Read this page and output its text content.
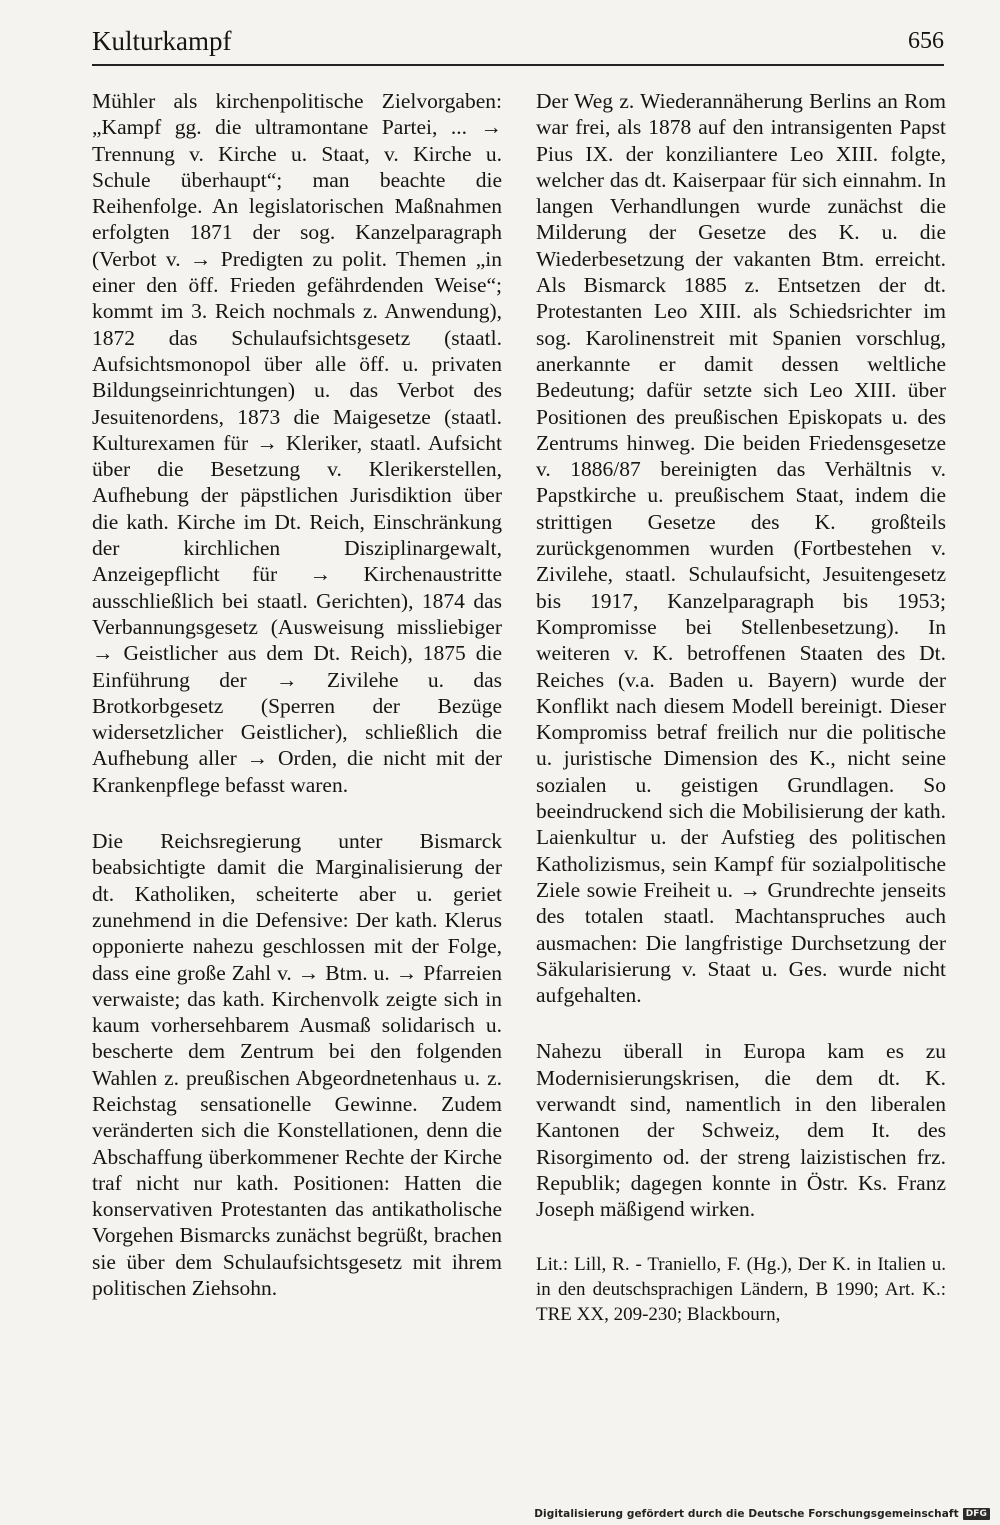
Kulturkampf	656

Mühler als kirchenpolitische Zielvorgaben: „Kampf gg. die ultramontane Partei, ... → Trennung v. Kirche u. Staat, v. Kirche u. Schule überhaupt“; man beachte die Reihenfolge. An legislatorischen Maßnahmen erfolgten 1871 der sog. Kanzelparagraph (Verbot v. → Predigten zu polit. Themen „in einer den öff. Frieden gefährdenden Weise“; kommt im 3. Reich nochmals z. Anwendung), 1872 das Schulaufsichtsgesetz (staatl. Aufsichtsmonopol über alle öff. u. privaten Bildungseinrichtungen) u. das Verbot des Jesuitenordens, 1873 die Maigesetze (staatl. Kulturexamen für → Kleriker, staatl. Aufsicht über die Besetzung v. Klerikerstellen, Aufhebung der päpstlichen Jurisdiktion über die kath. Kirche im Dt. Reich, Einschränkung der kirchlichen Disziplinargewalt, Anzeigepflicht für → Kirchenaustritte ausschließlich bei staatl. Gerichten), 1874 das Verbannungsgesetz (Ausweisung missliebiger → Geistlicher aus dem Dt. Reich), 1875 die Einführung der → Zivilehe u. das Brotkorbgesetz (Sperren der Bezüge widersetzlicher Geistlicher), schließlich die Aufhebung aller → Orden, die nicht mit der Krankenpflege befasst waren.

Die Reichsregierung unter Bismarck beabsichtigte damit die Marginalisierung der dt. Katholiken, scheiterte aber u. geriet zunehmend in die Defensive: Der kath. Klerus opponierte nahezu geschlossen mit der Folge, dass eine große Zahl v. → Btm. u. → Pfarreien verwaiste; das kath. Kirchenvolk zeigte sich in kaum vorhersehbarem Ausmaß solidarisch u. bescherte dem Zentrum bei den folgenden Wahlen z. preußischen Abgeordnetenhaus u. z. Reichstag sensationelle Gewinne. Zudem veränderten sich die Konstellationen, denn die Abschaffung überkommener Rechte der Kirche traf nicht nur kath. Positionen: Hatten die konservativen Protestanten das antikatholische Vorgehen Bismarcks zunächst begrüßt, brachen sie über dem Schulaufsichtsgesetz mit ihrem politischen Ziehsohn.

Der Weg z. Wiederannäherung Berlins an Rom war frei, als 1878 auf den intransigenten Papst Pius IX. der konziliantere Leo XIII. folgte, welcher das dt. Kaiserpaar für sich einnahm. In langen Verhandlungen wurde zunächst die Milderung der Gesetze des K. u. die Wiederbesetzung der vakanten Btm. erreicht. Als Bismarck 1885 z. Entsetzen der dt. Protestanten Leo XIII. als Schiedsrichter im sog. Karolinenstreit mit Spanien vorschlug, anerkannte er damit dessen weltliche Bedeutung; dafür setzte sich Leo XIII. über Positionen des preußischen Episkopats u. des Zentrums hinweg. Die beiden Friedensgesetze v. 1886/87 bereinigten das Verhältnis v. Papstkirche u. preußischem Staat, indem die strittigen Gesetze des K. großteils zurückgenommen wurden (Fortbestehen v. Zivilehe, staatl. Schulaufsicht, Jesuitengesetz bis 1917, Kanzelparagraph bis 1953; Kompromisse bei Stellenbesetzung). In weiteren v. K. betroffenen Staaten des Dt. Reiches (v.a. Baden u. Bayern) wurde der Konflikt nach diesem Modell bereinigt. Dieser Kompromiss betraf freilich nur die politische u. juristische Dimension des K., nicht seine sozialen u. geistigen Grundlagen. So beeindruckend sich die Mobilisierung der kath. Laienkultur u. der Aufstieg des politischen Katholizismus, sein Kampf für sozialpolitische Ziele sowie Freiheit u. → Grundrechte jenseits des totalen staatl. Machtanspruches auch ausmachen: Die langfristige Durchsetzung der Säkularisierung v. Staat u. Ges. wurde nicht aufgehalten.

Nahezu überall in Europa kam es zu Modernisierungskrisen, die dem dt. K. verwandt sind, namentlich in den liberalen Kantonen der Schweiz, dem It. des Risorgimento od. der streng laizistischen frz. Republik; dagegen konnte in Östr. Ks. Franz Joseph mäßigend wirken.

Lit.: Lill, R. - Traniello, F. (Hg.), Der K. in Italien u. in den deutschsprachigen Ländern, B 1990; Art. K.: TRE XX, 209-230; Blackbourn,

Digitalisierung gefördert durch die Deutsche Forschungsgemeinschaft DFG
